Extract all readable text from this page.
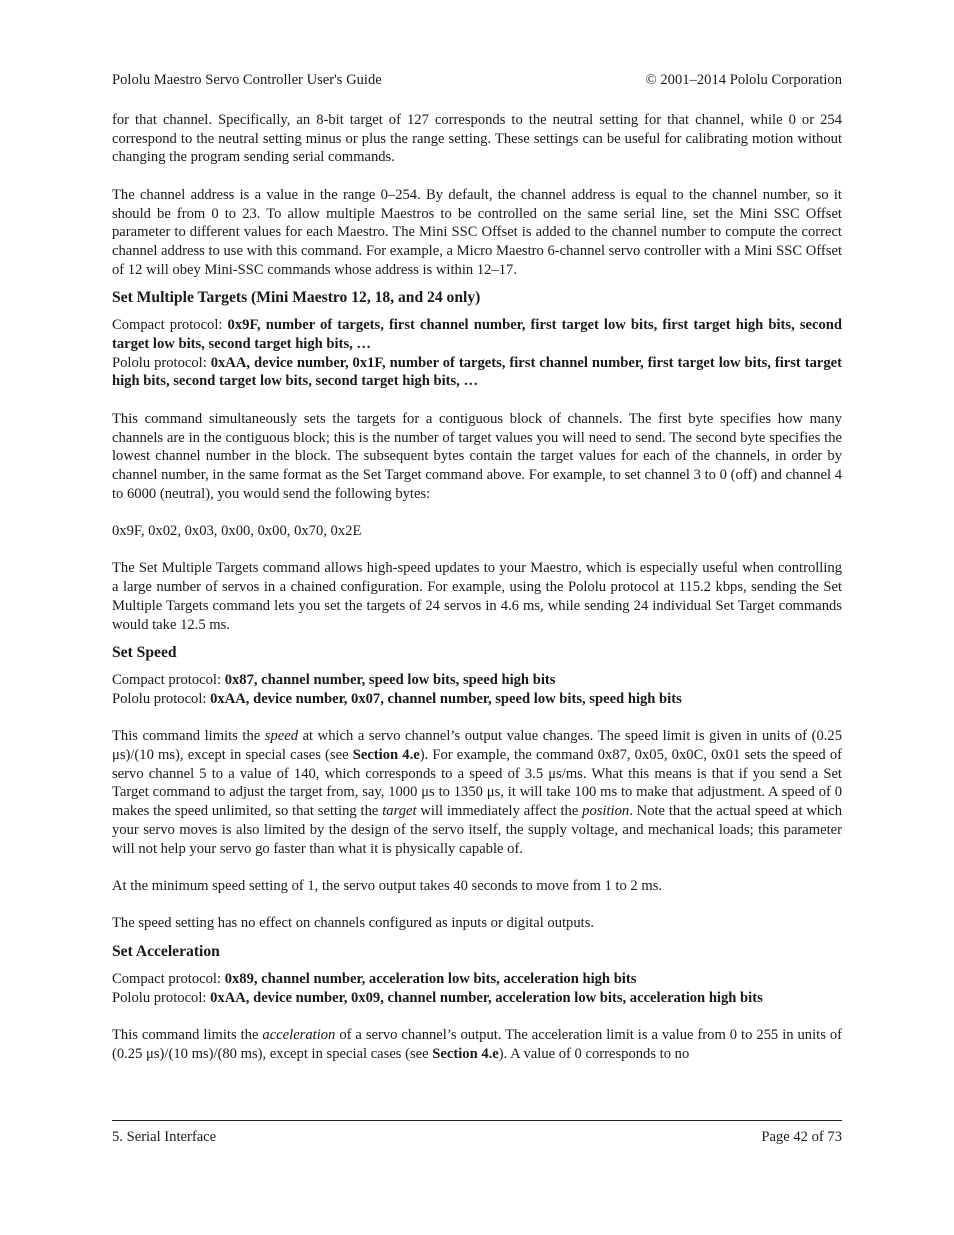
Pololu Maestro Servo Controller User's Guide	© 2001–2014 Pololu Corporation

for that channel. Specifically, an 8-bit target of 127 corresponds to the neutral setting for that channel, while 0 or 254 correspond to the neutral setting minus or plus the range setting. These settings can be useful for calibrating motion without changing the program sending serial commands.

The channel address is a value in the range 0–254. By default, the channel address is equal to the channel number, so it should be from 0 to 23. To allow multiple Maestros to be controlled on the same serial line, set the Mini SSC Offset parameter to different values for each Maestro. The Mini SSC Offset is added to the channel number to compute the correct channel address to use with this command. For example, a Micro Maestro 6-channel servo controller with a Mini SSC Offset of 12 will obey Mini-SSC commands whose address is within 12–17.

Set Multiple Targets (Mini Maestro 12, 18, and 24 only)
Compact protocol: 0x9F, number of targets, first channel number, first target low bits, first target high bits, second target low bits, second target high bits, …
Pololu protocol: 0xAA, device number, 0x1F, number of targets, first channel number, first target low bits, first target high bits, second target low bits, second target high bits, …

This command simultaneously sets the targets for a contiguous block of channels. The first byte specifies how many channels are in the contiguous block; this is the number of target values you will need to send. The second byte specifies the lowest channel number in the block. The subsequent bytes contain the target values for each of the channels, in order by channel number, in the same format as the Set Target command above. For example, to set channel 3 to 0 (off) and channel 4 to 6000 (neutral), you would send the following bytes:

0x9F, 0x02, 0x03, 0x00, 0x00, 0x70, 0x2E

The Set Multiple Targets command allows high-speed updates to your Maestro, which is especially useful when controlling a large number of servos in a chained configuration. For example, using the Pololu protocol at 115.2 kbps, sending the Set Multiple Targets command lets you set the targets of 24 servos in 4.6 ms, while sending 24 individual Set Target commands would take 12.5 ms.

Set Speed
Compact protocol: 0x87, channel number, speed low bits, speed high bits
Pololu protocol: 0xAA, device number, 0x07, channel number, speed low bits, speed high bits

This command limits the speed at which a servo channel’s output value changes. The speed limit is given in units of (0.25 μs)/(10 ms), except in special cases (see Section 4.e). For example, the command 0x87, 0x05, 0x0C, 0x01 sets the speed of servo channel 5 to a value of 140, which corresponds to a speed of 3.5 μs/ms. What this means is that if you send a Set Target command to adjust the target from, say, 1000 μs to 1350 μs, it will take 100 ms to make that adjustment. A speed of 0 makes the speed unlimited, so that setting the target will immediately affect the position. Note that the actual speed at which your servo moves is also limited by the design of the servo itself, the supply voltage, and mechanical loads; this parameter will not help your servo go faster than what it is physically capable of.

At the minimum speed setting of 1, the servo output takes 40 seconds to move from 1 to 2 ms.

The speed setting has no effect on channels configured as inputs or digital outputs.

Set Acceleration
Compact protocol: 0x89, channel number, acceleration low bits, acceleration high bits
Pololu protocol: 0xAA, device number, 0x09, channel number, acceleration low bits, acceleration high bits

This command limits the acceleration of a servo channel’s output. The acceleration limit is a value from 0 to 255 in units of (0.25 μs)/(10 ms)/(80 ms), except in special cases (see Section 4.e). A value of 0 corresponds to no

5. Serial Interface	Page 42 of 73
